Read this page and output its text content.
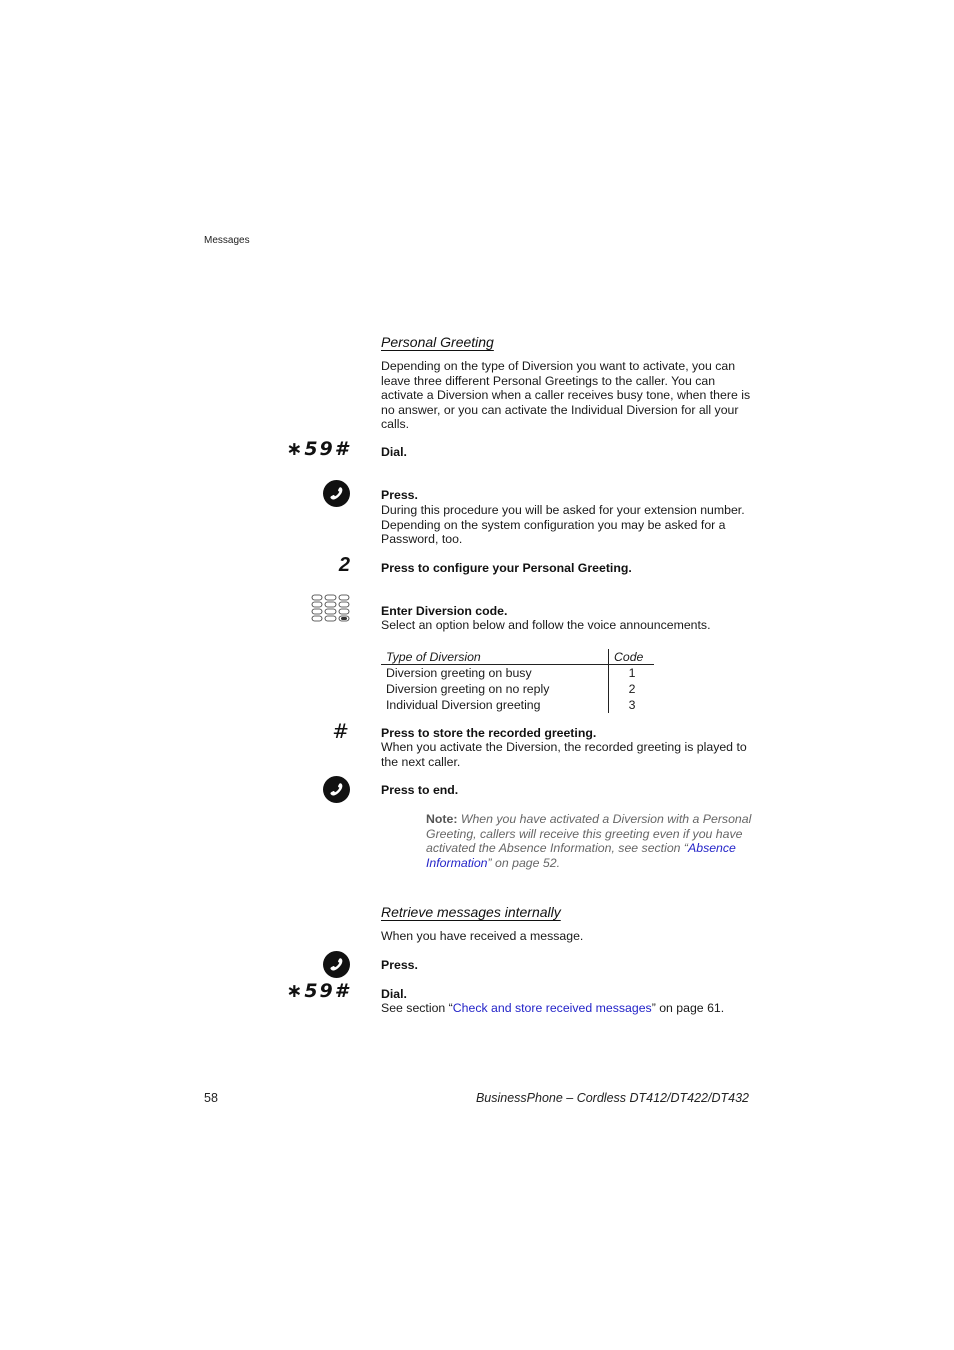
Messages
Personal Greeting
Depending on the type of Diversion you want to activate, you can leave three different Personal Greetings to the caller. You can activate a Diversion when a caller receives busy tone, when there is no answer, or you can activate the Individual Diversion for all your calls.
∗59#	Dial.
Press.
During this procedure you will be asked for your extension number. Depending on the system configuration you may be asked for a Password, too.
2	Press to configure your Personal Greeting.
Enter Diversion code.
Select an option below and follow the voice announcements.
Type of Diversion	Code
Diversion greeting on busy	1
Diversion greeting on no reply	2
Individual Diversion greeting	3
#	Press to store the recorded greeting.
When you activate the Diversion, the recorded greeting is played to the next caller.
Press to end.
Note: When you have activated a Diversion with a Personal Greeting, callers will receive this greeting even if you have activated the Absence Information, see section “Absence Information” on page 52.
Retrieve messages internally
When you have received a message.
Press.
∗59#	Dial.
See section “Check and store received messages” on page 61.
58	BusinessPhone – Cordless DT412/DT422/DT432
